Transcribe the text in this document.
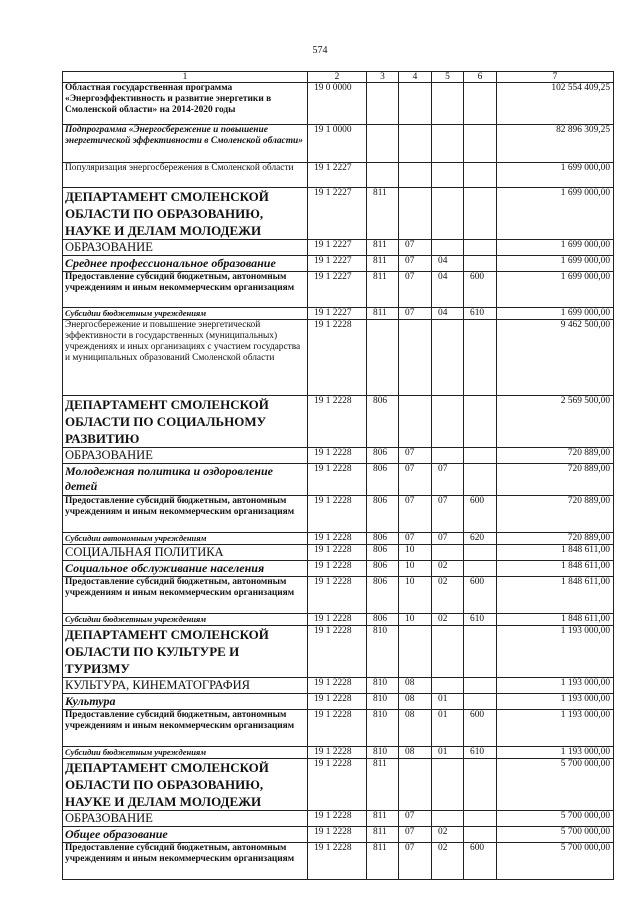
574
1	2	3	4	5	6	7
Областная государственная программа «Энергоэффективность и развитие энергетики в Смоленской области» на 2014-2020 годы	19 0 0000					102 554 409,25
Подпрограмма «Энергосбережение и повышение энергетической эффективности в Смоленской области»	19 1 0000					82 896 309,25
Популяризация энергосбережения в Смоленской области	19 1 2227					1 699 000,00
ДЕПАРТАМЕНТ СМОЛЕНСКОЙ ОБЛАСТИ ПО ОБРАЗОВАНИЮ, НАУКЕ И ДЕЛАМ МОЛОДЕЖИ	19 1 2227	811				1 699 000,00
ОБРАЗОВАНИЕ	19 1 2227	811	07			1 699 000,00
Среднее профессиональное образование	19 1 2227	811	07	04		1 699 000,00
Предоставление субсидий бюджетным, автономным учреждениям и иным некоммерческим организациям	19 1 2227	811	07	04	600	1 699 000,00
Субсидии бюджетным учреждениям	19 1 2227	811	07	04	610	1 699 000,00
Энергосбережение и повышение энергетической эффективности в государственных (муниципальных) учреждениях и иных организациях с участием государства и муниципальных образований Смоленской области	19 1 2228					9 462 500,00
ДЕПАРТАМЕНТ СМОЛЕНСКОЙ ОБЛАСТИ ПО СОЦИАЛЬНОМУ РАЗВИТИЮ	19 1 2228	806				2 569 500,00
ОБРАЗОВАНИЕ	19 1 2228	806	07			720 889,00
Молодежная политика и оздоровление детей	19 1 2228	806	07	07		720 889,00
Предоставление субсидий бюджетным, автономным учреждениям и иным некоммерческим организациям	19 1 2228	806	07	07	600	720 889,00
Субсидии автономным учреждениям	19 1 2228	806	07	07	620	720 889,00
СОЦИАЛЬНАЯ ПОЛИТИКА	19 1 2228	806	10			1 848 611,00
Социальное обслуживание населения	19 1 2228	806	10	02		1 848 611,00
Предоставление субсидий бюджетным, автономным учреждениям и иным некоммерческим организациям	19 1 2228	806	10	02	600	1 848 611,00
Субсидии бюджетным учреждениям	19 1 2228	806	10	02	610	1 848 611,00
ДЕПАРТАМЕНТ СМОЛЕНСКОЙ ОБЛАСТИ ПО КУЛЬТУРЕ И ТУРИЗМУ	19 1 2228	810				1 193 000,00
КУЛЬТУРА, КИНЕМАТОГРАФИЯ	19 1 2228	810	08			1 193 000,00
Культура	19 1 2228	810	08	01		1 193 000,00
Предоставление субсидий бюджетным, автономным учреждениям и иным некоммерческим организациям	19 1 2228	810	08	01	600	1 193 000,00
Субсидии бюджетным учреждениям	19 1 2228	810	08	01	610	1 193 000,00
ДЕПАРТАМЕНТ СМОЛЕНСКОЙ ОБЛАСТИ ПО ОБРАЗОВАНИЮ, НАУКЕ И ДЕЛАМ МОЛОДЕЖИ	19 1 2228	811				5 700 000,00
ОБРАЗОВАНИЕ	19 1 2228	811	07			5 700 000,00
Общее образование	19 1 2228	811	07	02		5 700 000,00
Предоставление субсидий бюджетным, автономным учреждениям и иным некоммерческим организациям	19 1 2228	811	07	02	600	5 700 000,00
